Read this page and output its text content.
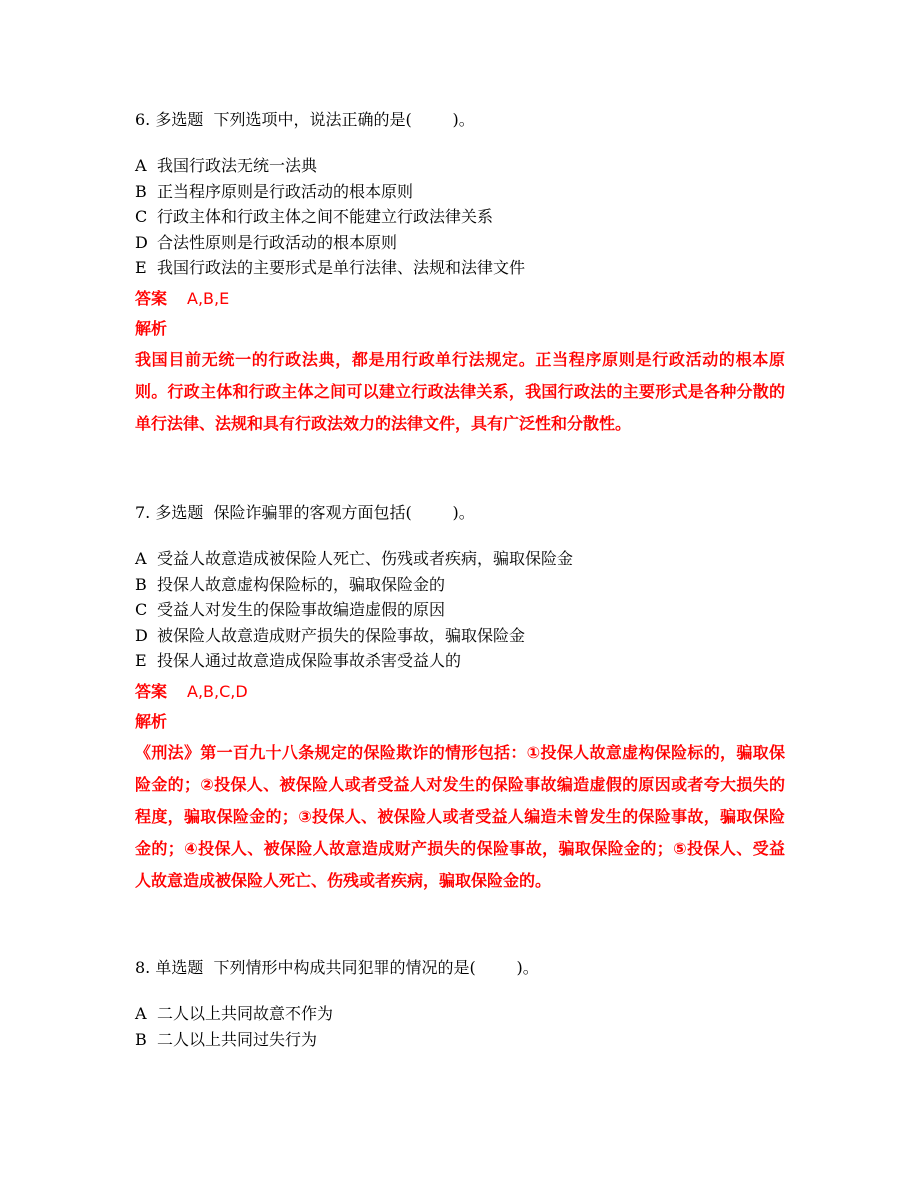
6. 多选题  下列选项中，说法正确的是(        )。
A 我国行政法无统一法典
B 正当程序原则是行政活动的根本原则
C 行政主体和行政主体之间不能建立行政法律关系
D 合法性原则是行政活动的根本原则
E 我国行政法的主要形式是单行法律、法规和法律文件
答案 A,B,E
解析
我国目前无统一的行政法典，都是用行政单行法规定。正当程序原则是行政活动的根本原则。行政主体和行政主体之间可以建立行政法律关系，我国行政法的主要形式是各种分散的单行法律、法规和具有行政法效力的法律文件，具有广泛性和分散性。
7. 多选题  保险诈骗罪的客观方面包括(        )。
A 受益人故意造成被保险人死亡、伤残或者疾病，骗取保险金
B 投保人故意虚构保险标的，骗取保险金的
C 受益人对发生的保险事故编造虚假的原因
D 被保险人故意造成财产损失的保险事故，骗取保险金
E 投保人通过故意造成保险事故杀害受益人的
答案 A,B,C,D
解析
《刑法》第一百九十八条规定的保险欺诈的情形包括：①投保人故意虚构保险标的，骗取保险金的；②投保人、被保险人或者受益人对发生的保险事故编造虚假的原因或者夸大损失的程度，骗取保险金的；③投保人、被保险人或者受益人编造未曾发生的保险事故，骗取保险金的；④投保人、被保险人故意造成财产损失的保险事故，骗取保险金的；⑤投保人、受益人故意造成被保险人死亡、伤残或者疾病，骗取保险金的。
8. 单选题  下列情形中构成共同犯罪的情况的是(        )。
A 二人以上共同故意不作为
B 二人以上共同过失行为
